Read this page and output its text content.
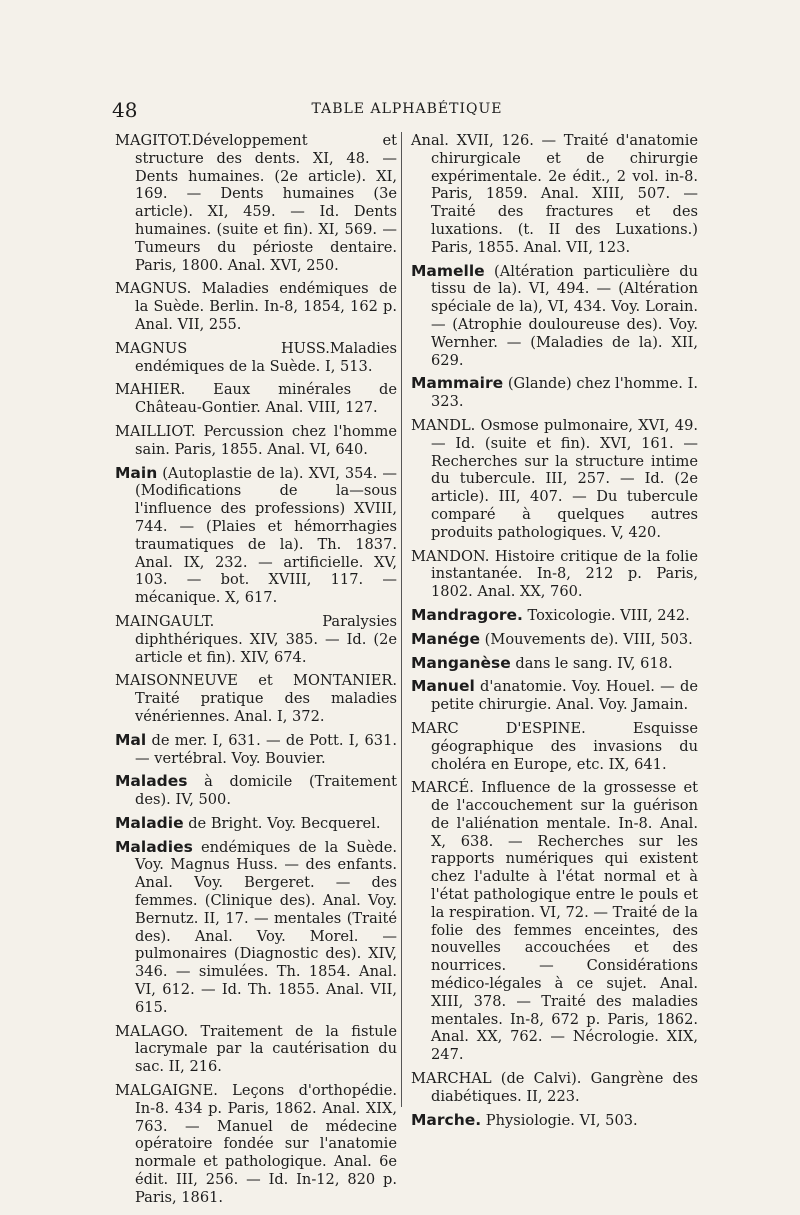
48	TABLE ALPHABÉTIQUE

MAGITOT.Développement et structure des dents. XI, 48. — Dents humaines. (2e article). XI, 169. — Dents humaines (3e article). XI, 459. — Id. Dents humaines. (suite et fin). XI, 569. — Tumeurs du périoste dentaire. Paris, 1800. Anal. XVI, 250.

MAGNUS. Maladies endémiques de la Suède. Berlin. In-8, 1854, 162 p. Anal. VII, 255.

MAGNUS HUSS.Maladies endémiques de la Suède. I, 513.

MAHIER. Eaux minérales de Château-Gontier. Anal. VIII, 127.

MAILLIOT. Percussion chez l'homme sain. Paris, 1855. Anal. VI, 640.

Main (Autoplastie de la). XVI, 354. — (Modifications de la—sous l'influence des professions) XVIII, 744. — (Plaies et hémorrhagies traumatiques de la). Th. 1837. Anal. IX, 232. — artificielle. XV, 103. — bot. XVIII, 117. — mécanique. X, 617.

MAINGAULT. Paralysies diphthériques. XIV, 385. — Id. (2e article et fin). XIV, 674.

MAISONNEUVE et MONTANIER. Traité pratique des maladies vénériennes. Anal. I, 372.

Mal de mer. I, 631. — de Pott. I, 631. — vertébral. Voy. Bouvier.

Malades à domicile (Traitement des). IV, 500.

Maladie de Bright. Voy. Becquerel.

Maladies endémiques de la Suède. Voy. Magnus Huss. — des enfants. Anal. Voy. Bergeret. — des femmes. (Clinique des). Anal. Voy. Bernutz. II, 17. — mentales (Traité des). Anal. Voy. Morel. — pulmonaires (Diagnostic des). XIV, 346. — simulées. Th. 1854. Anal. VI, 612. — Id. Th. 1855. Anal. VII, 615.

MALAGO. Traitement de la fistule lacrymale par la cautérisation du sac. II, 216.

MALGAIGNE. Leçons d'orthopédie. In-8. 434 p. Paris, 1862. Anal. XIX, 763. — Manuel de médecine opératoire fondée sur l'anatomie normale et pathologique. Anal. 6e édit. III, 256. — Id. In-12, 820 p. Paris, 1861.

Anal. XVII, 126. — Traité d'anatomie chirurgicale et de chirurgie expérimentale. 2e édit., 2 vol. in-8. Paris, 1859. Anal. XIII, 507. — Traité des fractures et des luxations. (t. II des Luxations.) Paris, 1855. Anal. VII, 123.

Mamelle (Altération particulière du tissu de la). VI, 494. — (Altération spéciale de la), VI, 434. Voy. Lorain. — (Atrophie douloureuse des). Voy. Wernher. — (Maladies de la). XII, 629.

Mammaire (Glande) chez l'homme. I. 323.

MANDL. Osmose pulmonaire, XVI, 49. — Id. (suite et fin). XVI, 161. — Recherches sur la structure intime du tubercule. III, 257. — Id. (2e article). III, 407. — Du tubercule comparé à quelques autres produits pathologiques. V, 420.

MANDON. Histoire critique de la folie instantanée. In-8, 212 p. Paris, 1802. Anal. XX, 760.

Mandragore. Toxicologie. VIII, 242.

Manége (Mouvements de). VIII, 503.

Manganèse dans le sang. IV, 618.

Manuel d'anatomie. Voy. Houel. — de petite chirurgie. Anal. Voy. Jamain.

MARC D'ESPINE. Esquisse géographique des invasions du choléra en Europe, etc. IX, 641.

MARCÉ. Influence de la grossesse et de l'accouchement sur la guérison de l'aliénation mentale. In-8. Anal. X, 638. — Recherches sur les rapports numériques qui existent chez l'adulte à l'état normal et à l'état pathologique entre le pouls et la respiration. VI, 72. — Traité de la folie des femmes enceintes, des nouvelles accouchées et des nourrices. — Considérations médico-légales à ce sujet. Anal. XIII, 378. — Traité des maladies mentales. In-8, 672 p. Paris, 1862. Anal. XX, 762. — Nécrologie. XIX, 247.

MARCHAL (de Calvi). Gangrène des diabétiques. II, 223.

Marche. Physiologie. VI, 503.
